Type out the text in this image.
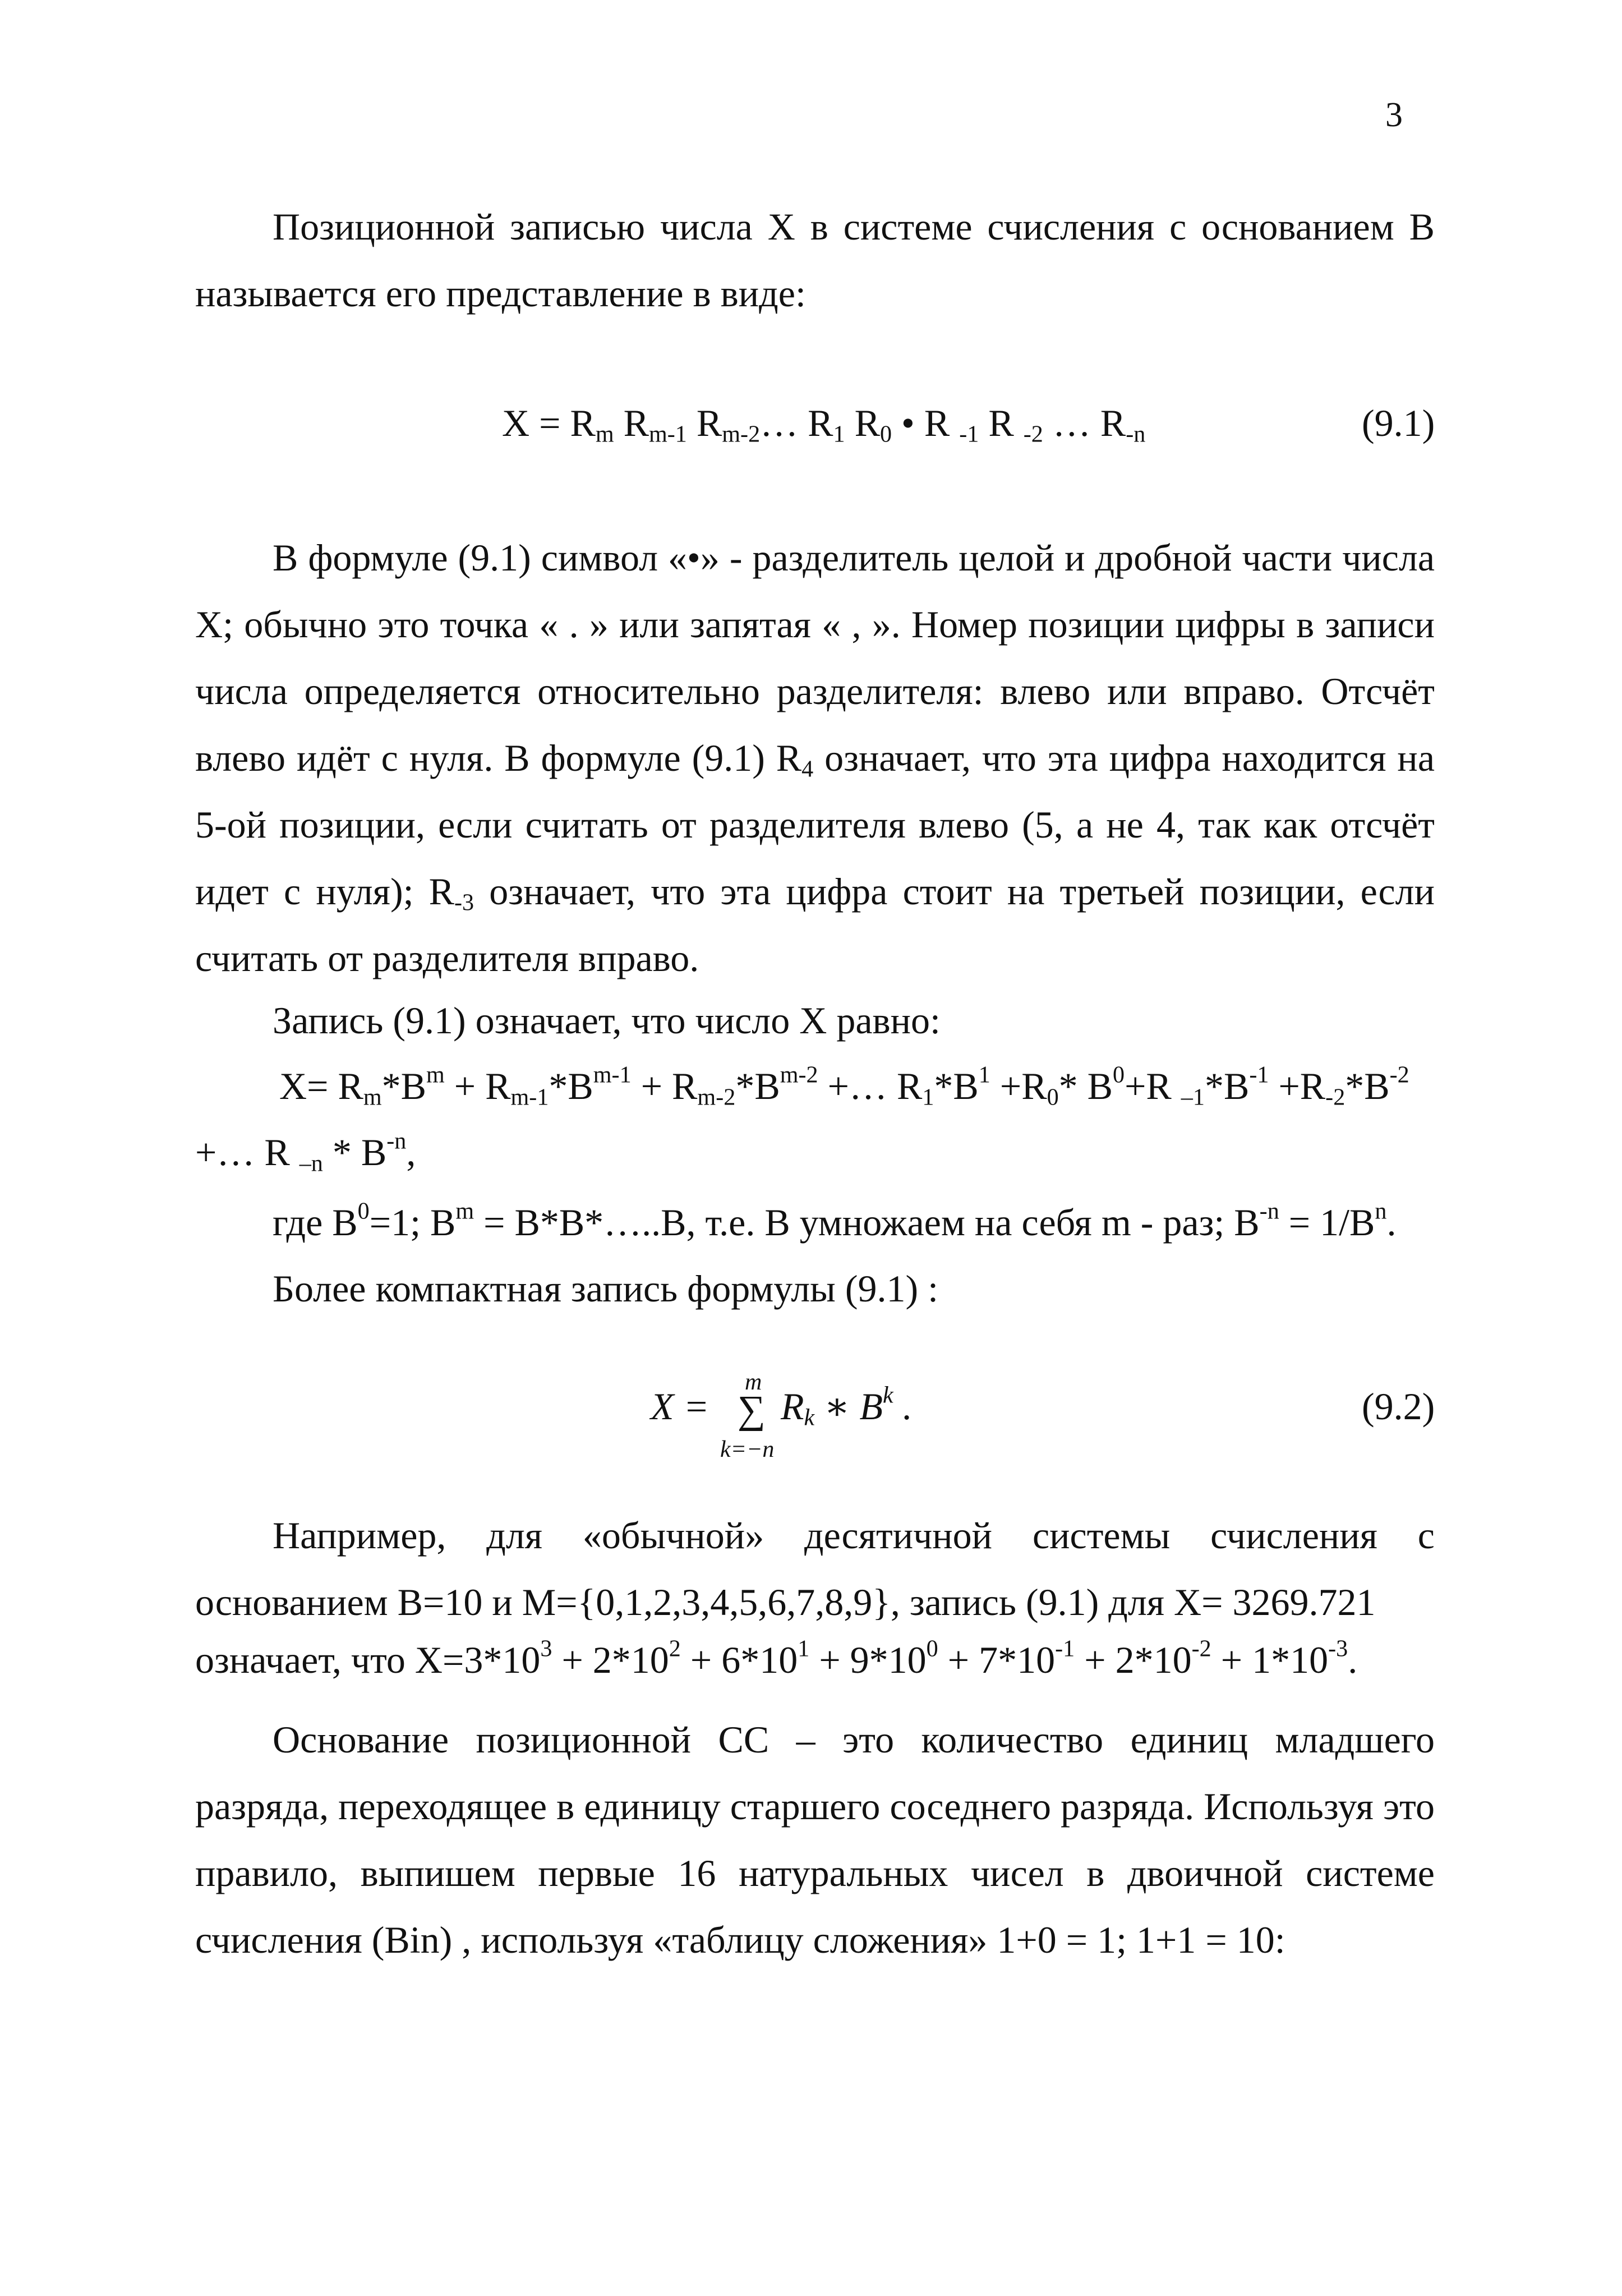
3

Позиционной записью числа X в системе счисления с основанием B называется его представление в виде:

$X = R_m$ $R_{m-1}$ $R_{m-2}\dots$ $R_1$ $R_0$ • R $_{-1}$ R $_{-2}$ … $R_{-n}$	(9.1)

В формуле (9.1) символ «•» - разделитель целой и дробной части числа X; обычно это точка « . » или запятая « , ». Номер позиции цифры в записи числа определяется относительно разделителя: влево или вправо. Отсчёт влево идёт с нуля. В формуле (9.1) $R_4$ означает, что эта цифра находится на 5-ой позиции, если считать от разделителя влево (5, а не 4, так как отсчёт идет с нуля); $R_{-3}$ означает, что эта цифра стоит на третьей позиции, если считать от разделителя вправо.

Запись (9.1) означает, что число X равно:
$X= R_m*B^m + R_{m-1}*B^{m-1} + R_{m-2}*B^{m-2}$ +… $R_1*B^1 +R_0*$ $B^0+R$ $_{-1}*B^{-1} +R_{-2}*B^{-2}$
+… R $_{-n} * B^{-n}$,
где $B^0=1$; $B^m$ = B*B*…..B, т.е. B умножаем на себя m - раз; $B^{-n} = 1/B^n$.
Более компактная запись формулы (9.1) :
X =
m
∑
k=−n
$R_k$ ∗ $B^k$ .	(9.2)

Например, для «обычной» десятичной системы счисления с основанием B=10 и M={0,1,2,3,4,5,6,7,8,9}, запись (9.1) для X= 3269.721

означает, что $X=3*10^3 + 2*10^2 + 6*10^1 + 9*10^0 + 7*10^{-1} + 2*10^{-2} + 1*10^{-3}$.

Основание позиционной СС – это количество единиц младшего разряда, переходящее в единицу старшего соседнего разряда. Используя это правило, выпишем первые 16 натуральных чисел в двоичной системе счисления (Bin) , используя «таблицу сложения» 1+0 = 1; 1+1 = 10:
